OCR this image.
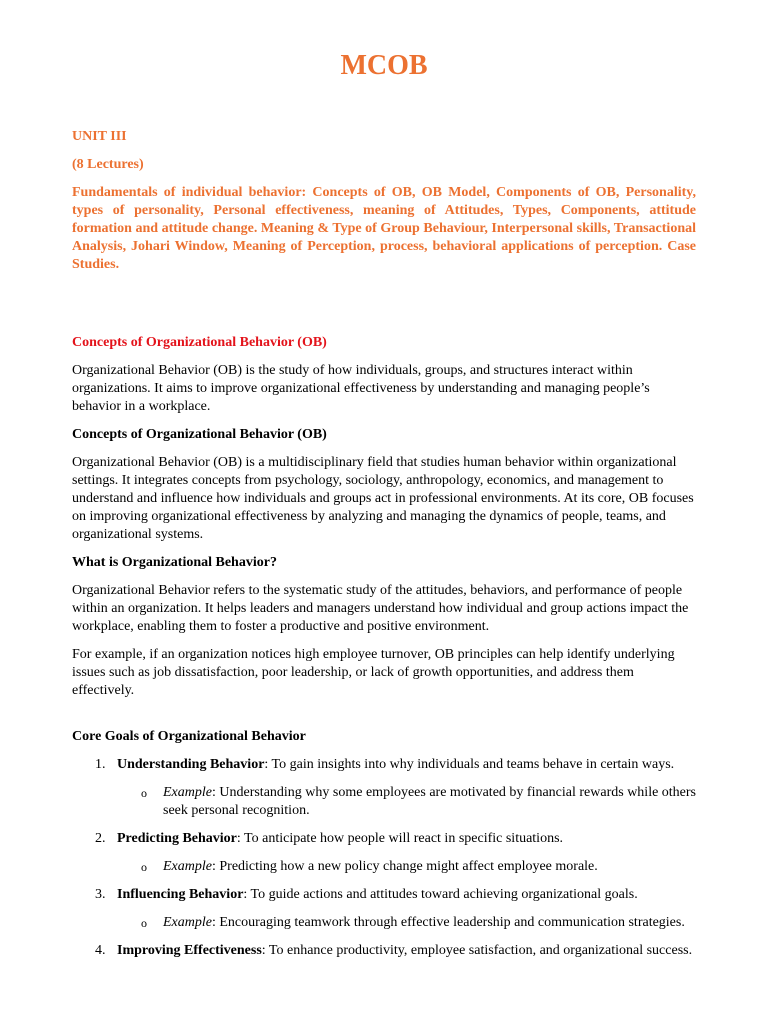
MCOB

UNIT III

(8 Lectures)

Fundamentals of individual behavior: Concepts of OB, OB Model, Components of OB, Personality, types of personality, Personal effectiveness, meaning of Attitudes, Types, Components, attitude formation and attitude change. Meaning & Type of Group Behaviour, Interpersonal skills, Transactional Analysis, Johari Window, Meaning of Perception, process, behavioral applications of perception. Case Studies.

Concepts of Organizational Behavior (OB)

Organizational Behavior (OB) is the study of how individuals, groups, and structures interact within organizations. It aims to improve organizational effectiveness by understanding and managing people’s behavior in a workplace.

Concepts of Organizational Behavior (OB)

Organizational Behavior (OB) is a multidisciplinary field that studies human behavior within organizational settings. It integrates concepts from psychology, sociology, anthropology, economics, and management to understand and influence how individuals and groups act in professional environments. At its core, OB focuses on improving organizational effectiveness by analyzing and managing the dynamics of people, teams, and organizational systems.

What is Organizational Behavior?

Organizational Behavior refers to the systematic study of the attitudes, behaviors, and performance of people within an organization. It helps leaders and managers understand how individual and group actions impact the workplace, enabling them to foster a productive and positive environment.

For example, if an organization notices high employee turnover, OB principles can help identify underlying issues such as job dissatisfaction, poor leadership, or lack of growth opportunities, and address them effectively.

Core Goals of Organizational Behavior

1. Understanding Behavior: To gain insights into why individuals and teams behave in certain ways.
o	Example: Understanding why some employees are motivated by financial rewards while others seek personal recognition.
2. Predicting Behavior: To anticipate how people will react in specific situations.
o	Example: Predicting how a new policy change might affect employee morale.
3. Influencing Behavior: To guide actions and attitudes toward achieving organizational goals.
o	Example: Encouraging teamwork through effective leadership and communication strategies.
4. Improving Effectiveness: To enhance productivity, employee satisfaction, and organizational success.
